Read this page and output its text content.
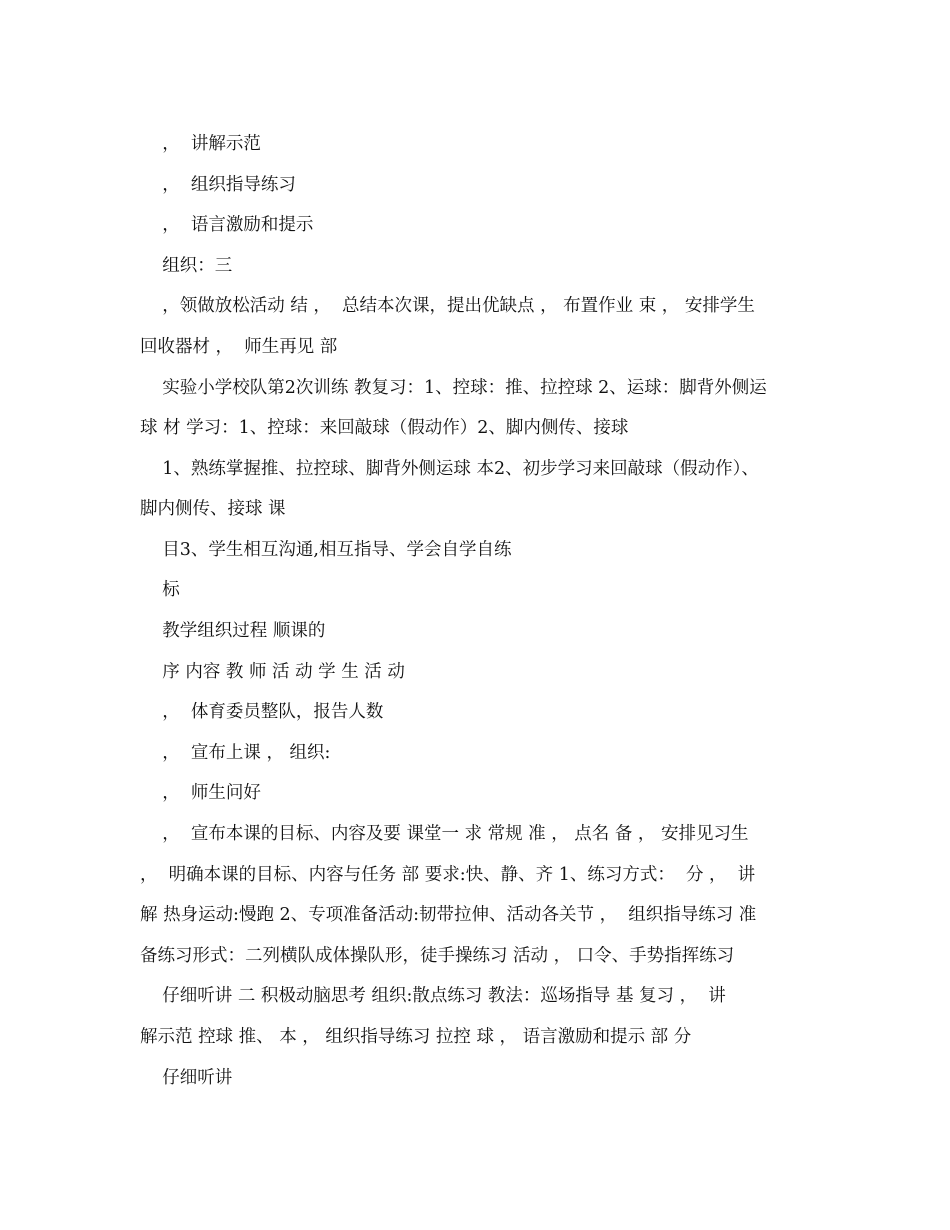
，  讲解示范
，  组织指导练习
，  语言激励和提示
组织：三
，领做放松活动 结 ，  总结本次课，提出优缺点 ， 布置作业 束 ， 安排学生
回收器材 ，  师生再见 部
实验小学校队第2次训练 教复习：1、控球：推、拉控球 2、运球：脚背外侧运
球 材 学习：1、控球：来回敲球（假动作）2、脚内侧传、接球
1、熟练掌握推、拉控球、脚背外侧运球 本2、初步学习来回敲球（假动作）、
脚内侧传、接球 课
目3、学生相互沟通,相互指导、学会自学自练
标
教学组织过程 顺课的
序 内容 教 师 活 动 学 生 活 动
，  体育委员整队，报告人数
，  宣布上课 ， 组织:
，  师生问好
，  宣布本课的目标、内容及要 课堂一 求 常规 准 ， 点名 备 ， 安排见习生
，  明确本课的目标、内容与任务 部 要求:快、静、齐 1、练习方式：  分 ，  讲
解 热身运动:慢跑 2、专项准备活动:韧带拉伸、活动各关节 ，  组织指导练习 准
备练习形式：二列横队成体操队形，徒手操练习 活动 ， 口令、手势指挥练习
仔细听讲 二 积极动脑思考 组织:散点练习 教法：巡场指导 基 复习 ，  讲
解示范 控球 推、 本 ， 组织指导练习 拉控 球 ， 语言激励和提示 部 分
仔细听讲
